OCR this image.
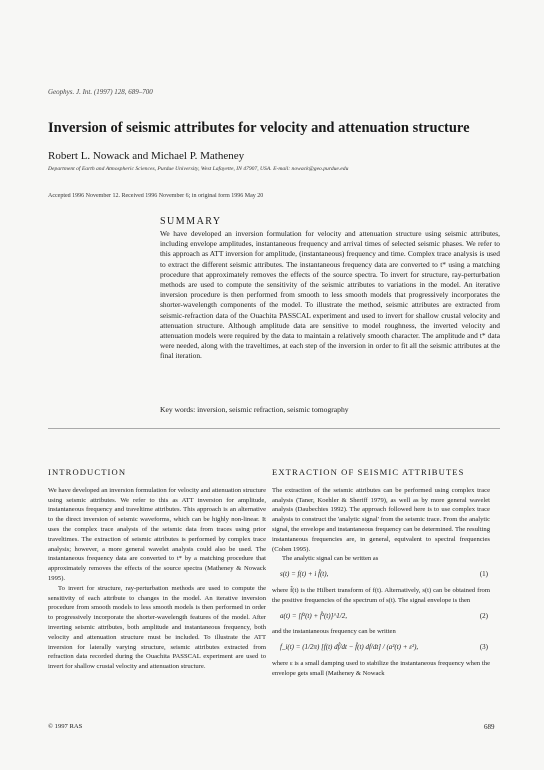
Geophys. J. Int. (1997) 128, 689–700
Inversion of seismic attributes for velocity and attenuation structure
Robert L. Nowack and Michael P. Matheney
Department of Earth and Atmospheric Sciences, Purdue University, West Lafayette, IN 47907, USA. E-mail: nowack@geo.purdue.edu
Accepted 1996 November 12. Received 1996 November 6; in original form 1996 May 20
SUMMARY
We have developed an inversion formulation for velocity and attenuation structure using seismic attributes, including envelope amplitudes, instantaneous frequency and arrival times of selected seismic phases. We refer to this approach as ATT inversion for amplitude, (instantaneous) frequency and time. Complex trace analysis is used to extract the different seismic attributes. The instantaneous frequency data are converted to t* using a matching procedure that approximately removes the effects of the source spectra. To invert for structure, ray-perturbation methods are used to compute the sensitivity of the seismic attributes to variations in the model. An iterative inversion procedure is then performed from smooth to less smooth models that progressively incorporates the shorter-wavelength components of the model. To illustrate the method, seismic attributes are extracted from seismic-refraction data of the Ouachita PASSCAL experiment and used to invert for shallow crustal velocity and attenuation structure. Although amplitude data are sensitive to model roughness, the inverted velocity and attenuation models were required by the data to maintain a relatively smooth character. The amplitude and t* data were needed, along with the traveltimes, at each step of the inversion in order to fit all the seismic attributes at the final iteration.
Key words: inversion, seismic refraction, seismic tomography
INTRODUCTION

We have developed an inversion formulation for velocity and attenuation structure using seismic attributes. We refer to this as ATT inversion for amplitude, instantaneous frequency and traveltime attributes. This approach is an alternative to the direct inversion of seismic waveforms, which can be highly non-linear. It uses the complex trace analysis of the seismic data from traces using prior traveltimes. The extraction of seismic attributes is performed by complex trace analysis; however, a more general wavelet analysis could also be used. The instantaneous frequency data are converted to t* by a matching procedure that approximately removes the effects of the source spectra (Matheney & Nowack 1995).

To invert for structure, ray-perturbation methods are used to compute the sensitivity of each attribute to changes in the model. An iterative inversion procedure from smooth models to less smooth models is then performed in order to progressively incorporate the shorter-wavelength features of the model. After inverting seismic attributes, both amplitude and instantaneous frequency, both velocity and attenuation structure must be included. To illustrate the ATT inversion for laterally varying structure, seismic attributes extracted from refraction data recorded during the Ouachita PASSCAL experiment are used to invert for shallow crustal velocity and attenuation structure.

EXTRACTION OF SEISMIC ATTRIBUTES

The extraction of the seismic attributes can be performed using complex trace analysis (Taner, Koehler & Sheriff 1979), as well as by more general wavelet analysis (Daubechies 1992). The approach followed here is to use complex trace analysis to construct the 'analytic signal' from the seismic trace. From the analytic signal, the envelope and instantaneous frequency can be determined. The resulting instantaneous frequencies are, in general, equivalent to spectral frequencies (Cohen 1995).

The analytic signal can be written as

s(t) = f(t) + i f̂(t),	(1)

where f̂(t) is the Hilbert transform of f(t). Alternatively, s(t) can be obtained from the positive frequencies of the spectrum of s(t). The signal envelope is then

a(t) = [f²(t) + f̂²(t)]^1/2,	(2)

and the instantaneous frequency can be written

f_i(t) = (1/2π) [f(t) df̂/dt − f̂(t) df/dt] / (a²(t) + ε²),	(3)

where ε is a small damping used to stabilize the instantaneous frequency when the envelope gets small (Matheney & Nowack

© 1997 RAS	689
